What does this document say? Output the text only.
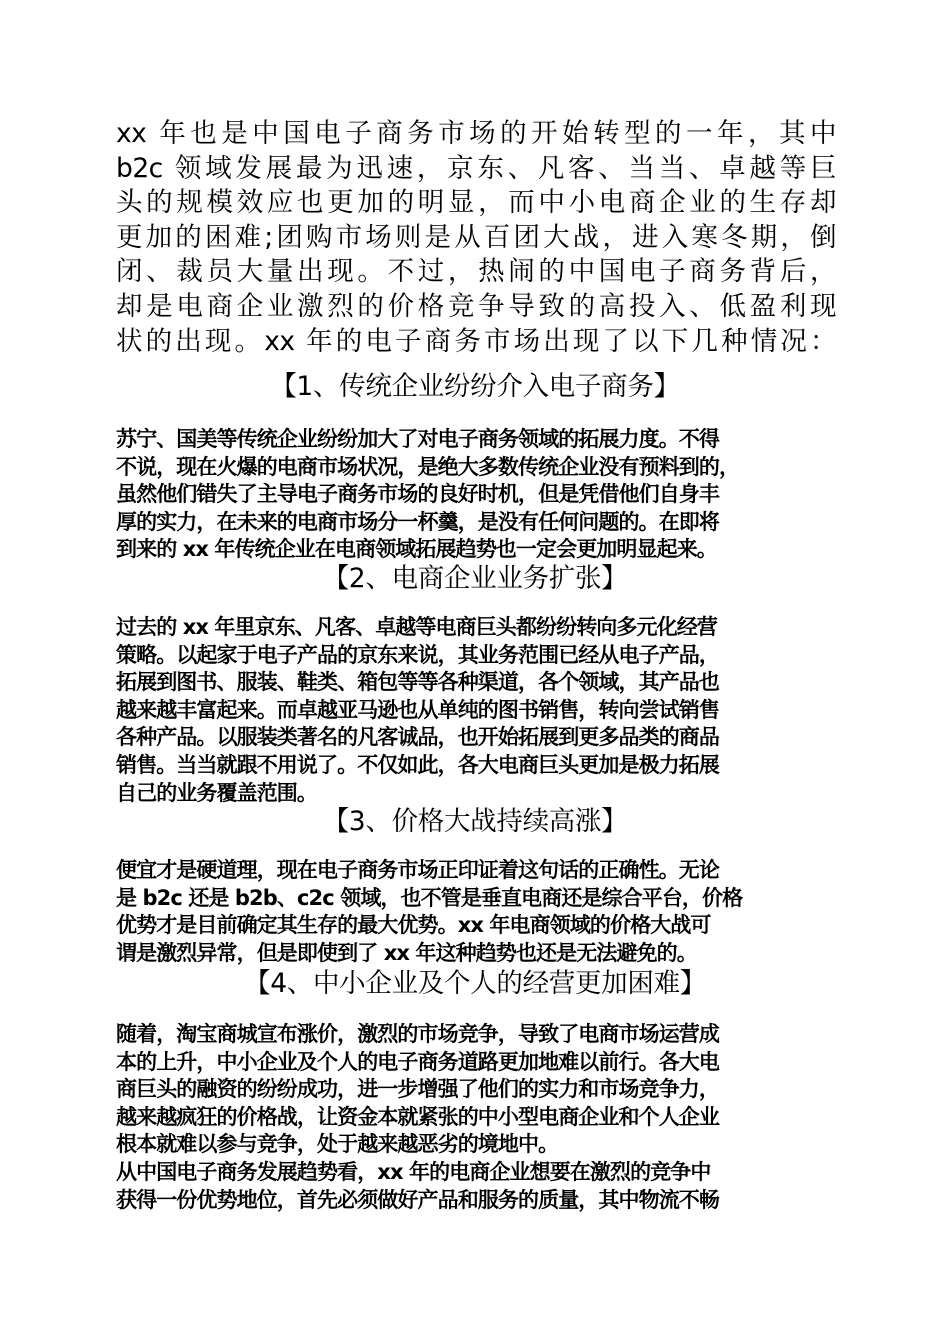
xx 年也是中国电子商务市场的开始转型的一年，其中
b2c 领域发展最为迅速，京东、凡客、当当、卓越等巨
头的规模效应也更加的明显，而中小电商企业的生存却
更加的困难;团购市场则是从百团大战，进入寒冬期，倒
闭、裁员大量出现。不过，热闹的中国电子商务背后，
却是电商企业激烈的价格竞争导致的高投入、低盈利现
状的出现。xx 年的电子商务市场出现了以下几种情况：
【1、传统企业纷纷介入电子商务】
苏宁、国美等传统企业纷纷加大了对电子商务领域的拓展力度。不得
不说，现在火爆的电商市场状况，是绝大多数传统企业没有预料到的，
虽然他们错失了主导电子商务市场的良好时机，但是凭借他们自身丰
厚的实力，在未来的电商市场分一杯羹，是没有任何问题的。在即将
到来的 xx 年传统企业在电商领域拓展趋势也一定会更加明显起来。
【2、电商企业业务扩张】
过去的 xx 年里京东、凡客、卓越等电商巨头都纷纷转向多元化经营
策略。以起家于电子产品的京东来说，其业务范围已经从电子产品，
拓展到图书、服装、鞋类、箱包等等各种渠道，各个领域，其产品也
越来越丰富起来。而卓越亚马逊也从单纯的图书销售，转向尝试销售
各种产品。以服装类著名的凡客诚品，也开始拓展到更多品类的商品
销售。当当就跟不用说了。不仅如此，各大电商巨头更加是极力拓展
自己的业务覆盖范围。
【3、价格大战持续高涨】
便宜才是硬道理，现在电子商务市场正印证着这句话的正确性。无论
是 b2c 还是 b2b、c2c 领域，也不管是垂直电商还是综合平台，价格
优势才是目前确定其生存的最大优势。xx 年电商领域的价格大战可
谓是激烈异常，但是即使到了 xx 年这种趋势也还是无法避免的。
【4、中小企业及个人的经营更加困难】
随着，淘宝商城宣布涨价，激烈的市场竞争，导致了电商市场运营成
本的上升，中小企业及个人的电子商务道路更加地难以前行。各大电
商巨头的融资的纷纷成功，进一步增强了他们的实力和市场竞争力，
越来越疯狂的价格战，让资金本就紧张的中小型电商企业和个人企业
根本就难以参与竞争，处于越来越恶劣的境地中。
从中国电子商务发展趋势看，xx 年的电商企业想要在激烈的竞争中
获得一份优势地位，首先必须做好产品和服务的质量，其中物流不畅
